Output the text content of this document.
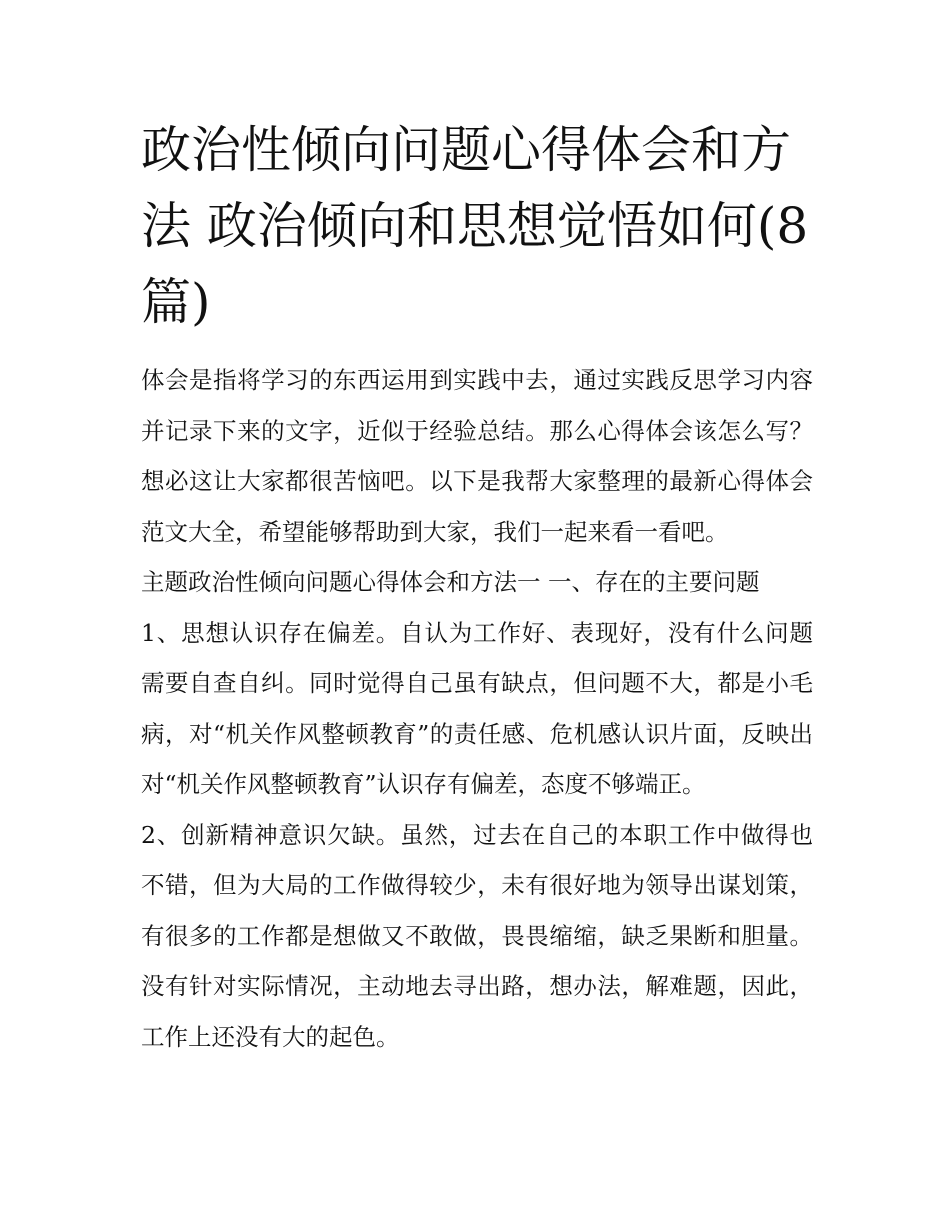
政治性倾向问题心得体会和方法 政治倾向和思想觉悟如何(8篇)

体会是指将学习的东西运用到实践中去，通过实践反思学习内容并记录下来的文字，近似于经验总结。那么心得体会该怎么写？想必这让大家都很苦恼吧。以下是我帮大家整理的最新心得体会范文大全，希望能够帮助到大家，我们一起来看一看吧。

主题政治性倾向问题心得体会和方法一 一、存在的主要问题

1、思想认识存在偏差。自认为工作好、表现好，没有什么问题需要自查自纠。同时觉得自己虽有缺点，但问题不大，都是小毛病，对“机关作风整顿教育”的责任感、危机感认识片面，反映出对“机关作风整顿教育”认识存有偏差，态度不够端正。

2、创新精神意识欠缺。虽然，过去在自己的本职工作中做得也不错，但为大局的工作做得较少，未有很好地为领导出谋划策，有很多的工作都是想做又不敢做，畏畏缩缩，缺乏果断和胆量。没有针对实际情况，主动地去寻出路，想办法，解难题，因此，工作上还没有大的起色。
